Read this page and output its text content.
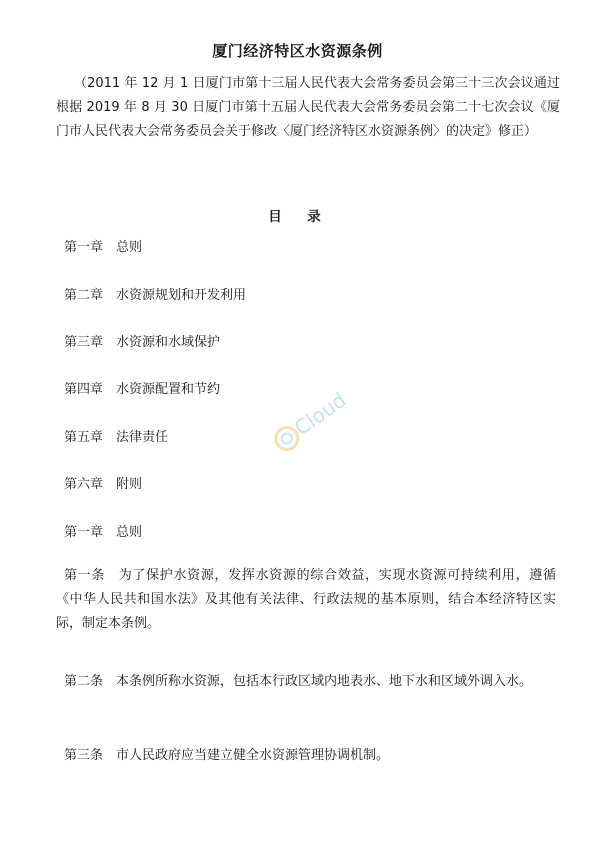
厦门经济特区水资源条例
（2011 年 12 月 1 日厦门市第十三届人民代表大会常务委员会第三十三次会议通过　根据 2019 年 8 月 30 日厦门市第十五届人民代表大会常务委员会第二十七次会议《厦门市人民代表大会常务委员会关于修改〈厦门经济特区水资源条例〉的决定》修正）
目　录
第一章　总则
第二章　水资源规划和开发利用
第三章　水资源和水域保护
第四章　水资源配置和节约
第五章　法律责任
第六章　附则
第一章　总则
第一条　为了保护水资源，发挥水资源的综合效益，实现水资源可持续利用，遵循《中华人民共和国水法》及其他有关法律、行政法规的基本原则，结合本经济特区实际，制定本条例。
第二条　本条例所称水资源，包括本行政区域内地表水、地下水和区域外调入水。
第三条　市人民政府应当建立健全水资源管理协调机制。
Cloud
